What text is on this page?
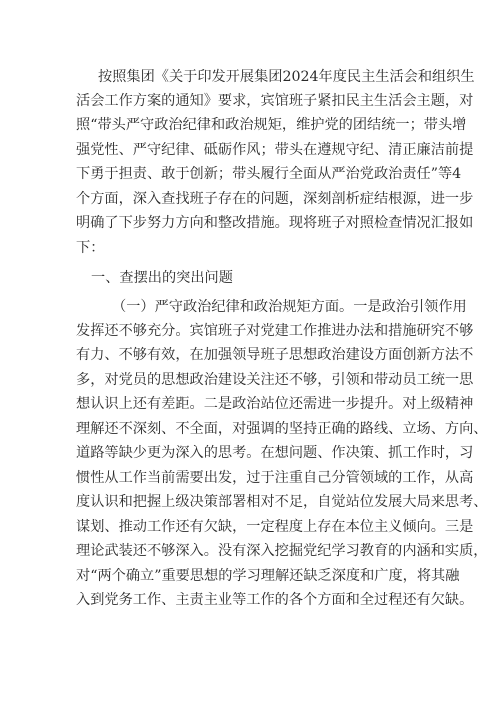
按照集团《关于印发开展集团2024年度民主生活会和组织生
活会工作方案的通知》要求，宾馆班子紧扣民主生活会主题，对
照“带头严守政治纪律和政治规矩，维护党的团结统一；带头增
强党性、严守纪律、砥砺作风；带头在遵规守纪、清正廉洁前提
下勇于担责、敢于创新；带头履行全面从严治党政治责任”等4
个方面，深入查找班子存在的问题，深刻剖析症结根源，进一步
明确了下步努力方向和整改措施。现将班子对照检查情况汇报如
下：
一、查摆出的突出问题
（一）严守政治纪律和政治规矩方面。一是政治引领作用
发挥还不够充分。宾馆班子对党建工作推进办法和措施研究不够
有力、不够有效，在加强领导班子思想政治建设方面创新方法不
多，对党员的思想政治建设关注还不够，引领和带动员工统一思
想认识上还有差距。二是政治站位还需进一步提升。对上级精神
理解还不深刻、不全面，对强调的坚持正确的路线、立场、方向、
道路等缺少更为深入的思考。在想问题、作决策、抓工作时，习
惯性从工作当前需要出发，过于注重自己分管领域的工作，从高
度认识和把握上级决策部署相对不足，自觉站位发展大局来思考、
谋划、推动工作还有欠缺，一定程度上存在本位主义倾向。三是
理论武装还不够深入。没有深入挖掘党纪学习教育的内涵和实质，
对“两个确立”重要思想的学习理解还缺乏深度和广度，将其融
入到党务工作、主责主业等工作的各个方面和全过程还有欠缺。
